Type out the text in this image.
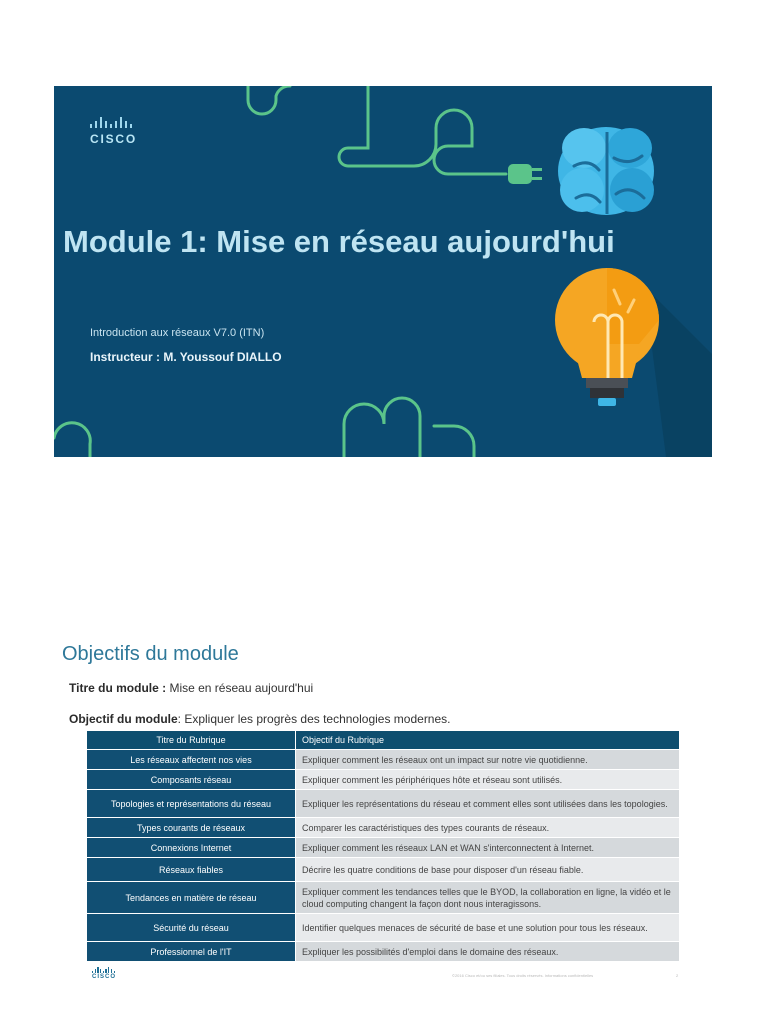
CISCO
Module 1: Mise en réseau aujourd'hui
Introduction aux réseaux V7.0 (ITN)
Instructeur : M. Youssouf DIALLO
Objectifs du module
Titre du module : Mise en réseau aujourd'hui
Objectif du module: Expliquer les progrès des technologies modernes.
Titre du Rubrique	Objectif du Rubrique
Les réseaux affectent nos vies	Expliquer comment les réseaux ont un impact sur notre vie quotidienne.
Composants réseau	Expliquer comment les périphériques hôte et réseau sont utilisés.
Topologies et représentations du réseau	Expliquer les représentations du réseau et comment elles sont utilisées dans les topologies.
Types courants de réseaux	Comparer les caractéristiques des types courants de réseaux.
Connexions Internet	Expliquer comment les réseaux LAN et WAN s'interconnectent à Internet.
Réseaux fiables	Décrire les quatre conditions de base pour disposer d'un réseau fiable.
Tendances en matière de réseau	Expliquer comment les tendances telles que le BYOD, la collaboration en ligne, la vidéo et le cloud computing changent la façon dont nous interagissons.
Sécurité du réseau	Identifier quelques menaces de sécurité de base et une solution pour tous les réseaux.
Professionnel de l'IT	Expliquer les possibilités d'emploi dans le domaine des réseaux.
CISCO	©2016 Cisco et/ou ses filiales. Tous droits réservés. Informations confidentielles	2
